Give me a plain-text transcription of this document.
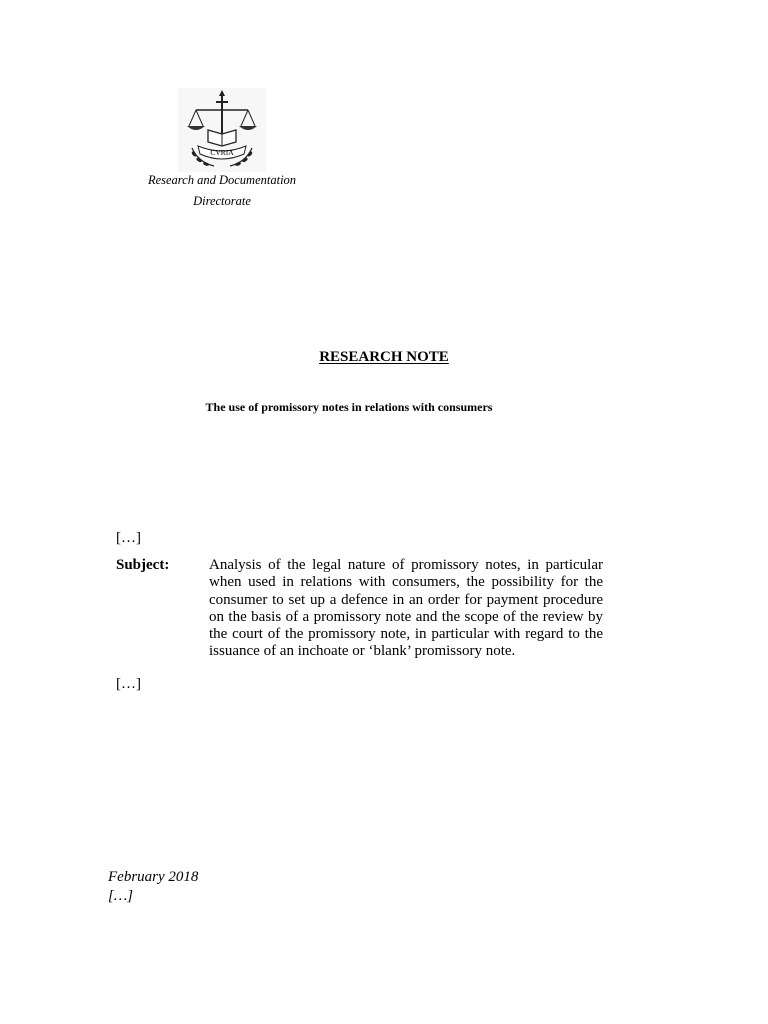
CVRIA
Research and Documentation
Directorate
RESEARCH NOTE
The use of promissory notes in relations with consumers
[…]
Subject:	Analysis of the legal nature of promissory notes, in particular when used in relations with consumers, the possibility for the consumer to set up a defence in an order for payment procedure on the basis of a promissory note and the scope of the review by the court of the promissory note, in particular with regard to the issuance of an inchoate or ‘blank’ promissory note.
[…]
February 2018
[…]
